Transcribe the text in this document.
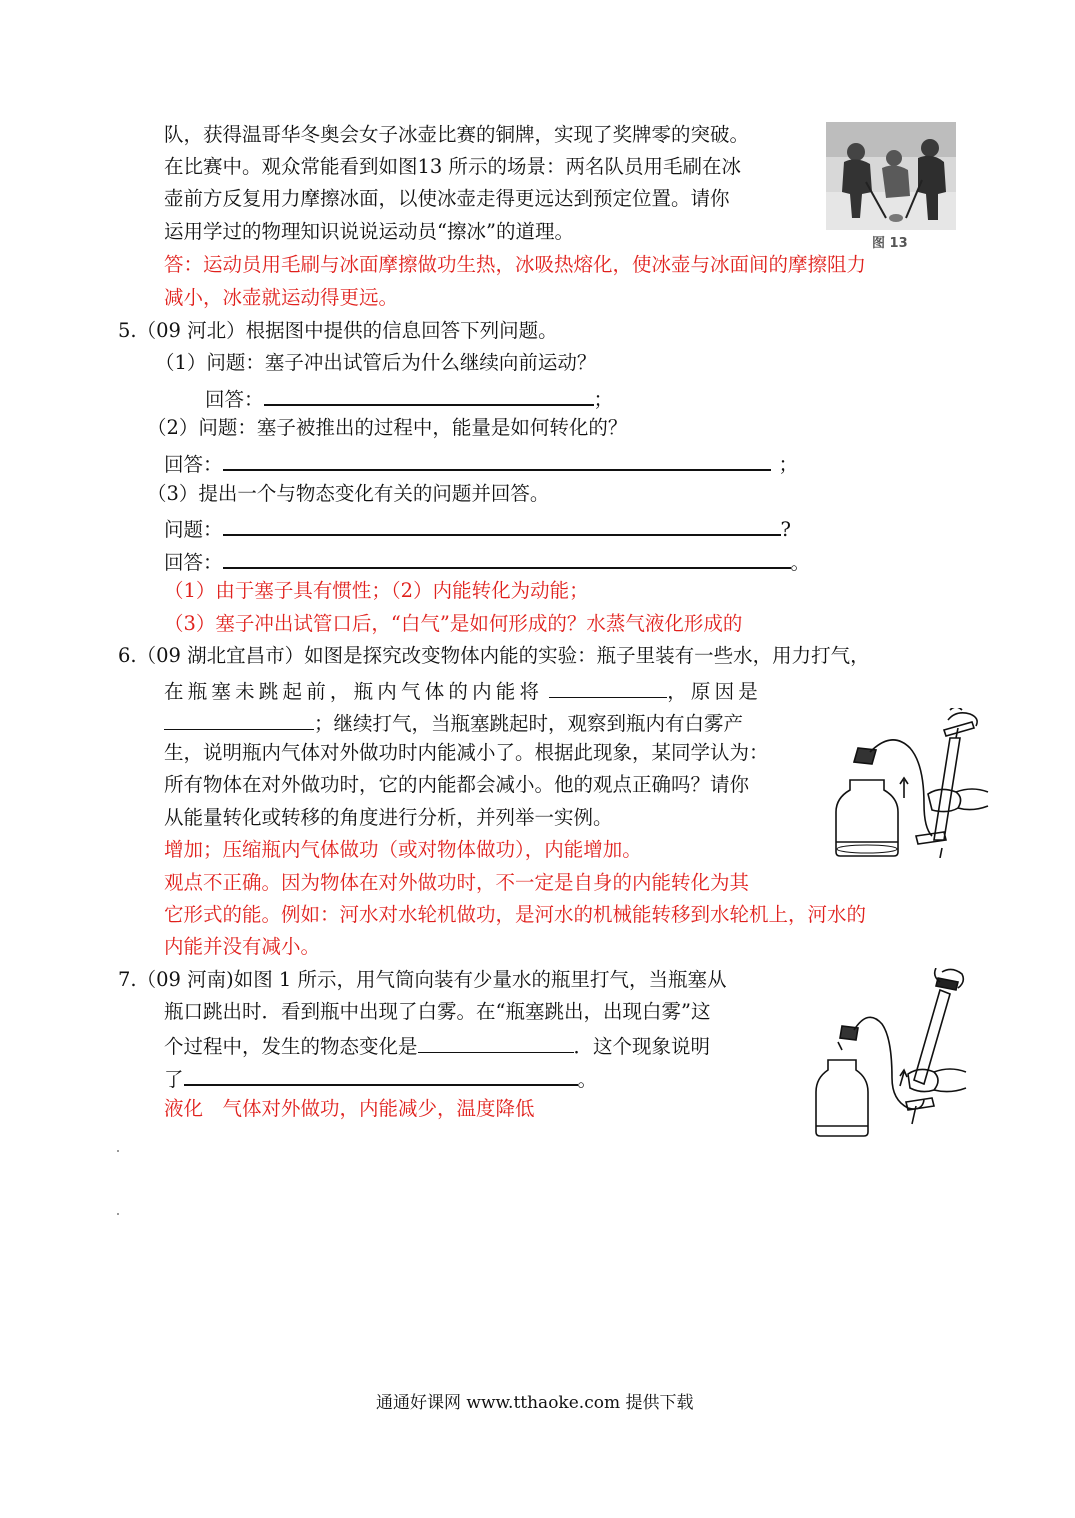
队，获得温哥华冬奥会女子冰壶比赛的铜牌，实现了奖牌零的突破。
在比赛中。观众常能看到如图13 所示的场景：两名队员用毛刷在冰
壶前方反复用力摩擦冰面，以使冰壶走得更远达到预定位置。请你
运用学过的物理知识说说运动员“擦冰”的道理。
答：运动员用毛刷与冰面摩擦做功生热，冰吸热熔化，使冰壶与冰面间的摩擦阻力
减小，冰壶就运动得更远。
图 13
5.（09 河北）根据图中提供的信息回答下列问题。
（1）问题：塞子冲出试管后为什么继续向前运动？
回答：	；
（2）问题：塞子被推出的过程中，能量是如何转化的？
回答：	；
（3）提出一个与物态变化有关的问题并回答。
问题：	?
回答：	。
（1）由于塞子具有惯性；（2）内能转化为动能；
（3）塞子冲出试管口后，“白气”是如何形成的？水蒸气液化形成的
6.（09 湖北宜昌市）如图是探究改变物体内能的实验：瓶子里装有一些水，用力打气，
在瓶塞未跳起前，瓶内气体的内能将	，原因是
；继续打气，当瓶塞跳起时，观察到瓶内有白雾产
生，说明瓶内气体对外做功时内能减小了。根据此现象，某同学认为：
所有物体在对外做功时，它的内能都会减小。他的观点正确吗？请你
从能量转化或转移的角度进行分析，并列举一实例。
增加；压缩瓶内气体做功（或对物体做功），内能增加。
观点不正确。因为物体在对外做功时，不一定是自身的内能转化为其
它形式的能。例如：河水对水轮机做功，是河水的机械能转移到水轮机上，河水的
内能并没有减小。
7.（09 河南)如图 1 所示，用气筒向装有少量水的瓶里打气，当瓶塞从
瓶口跳出时．看到瓶中出现了白雾。在“瓶塞跳出，出现白雾”这
个过程中，发生的物态变化是	．这个现象说明
了	。
液化　气体对外做功，内能减少，温度降低
通通好课网 www.tthaoke.com 提供下载
